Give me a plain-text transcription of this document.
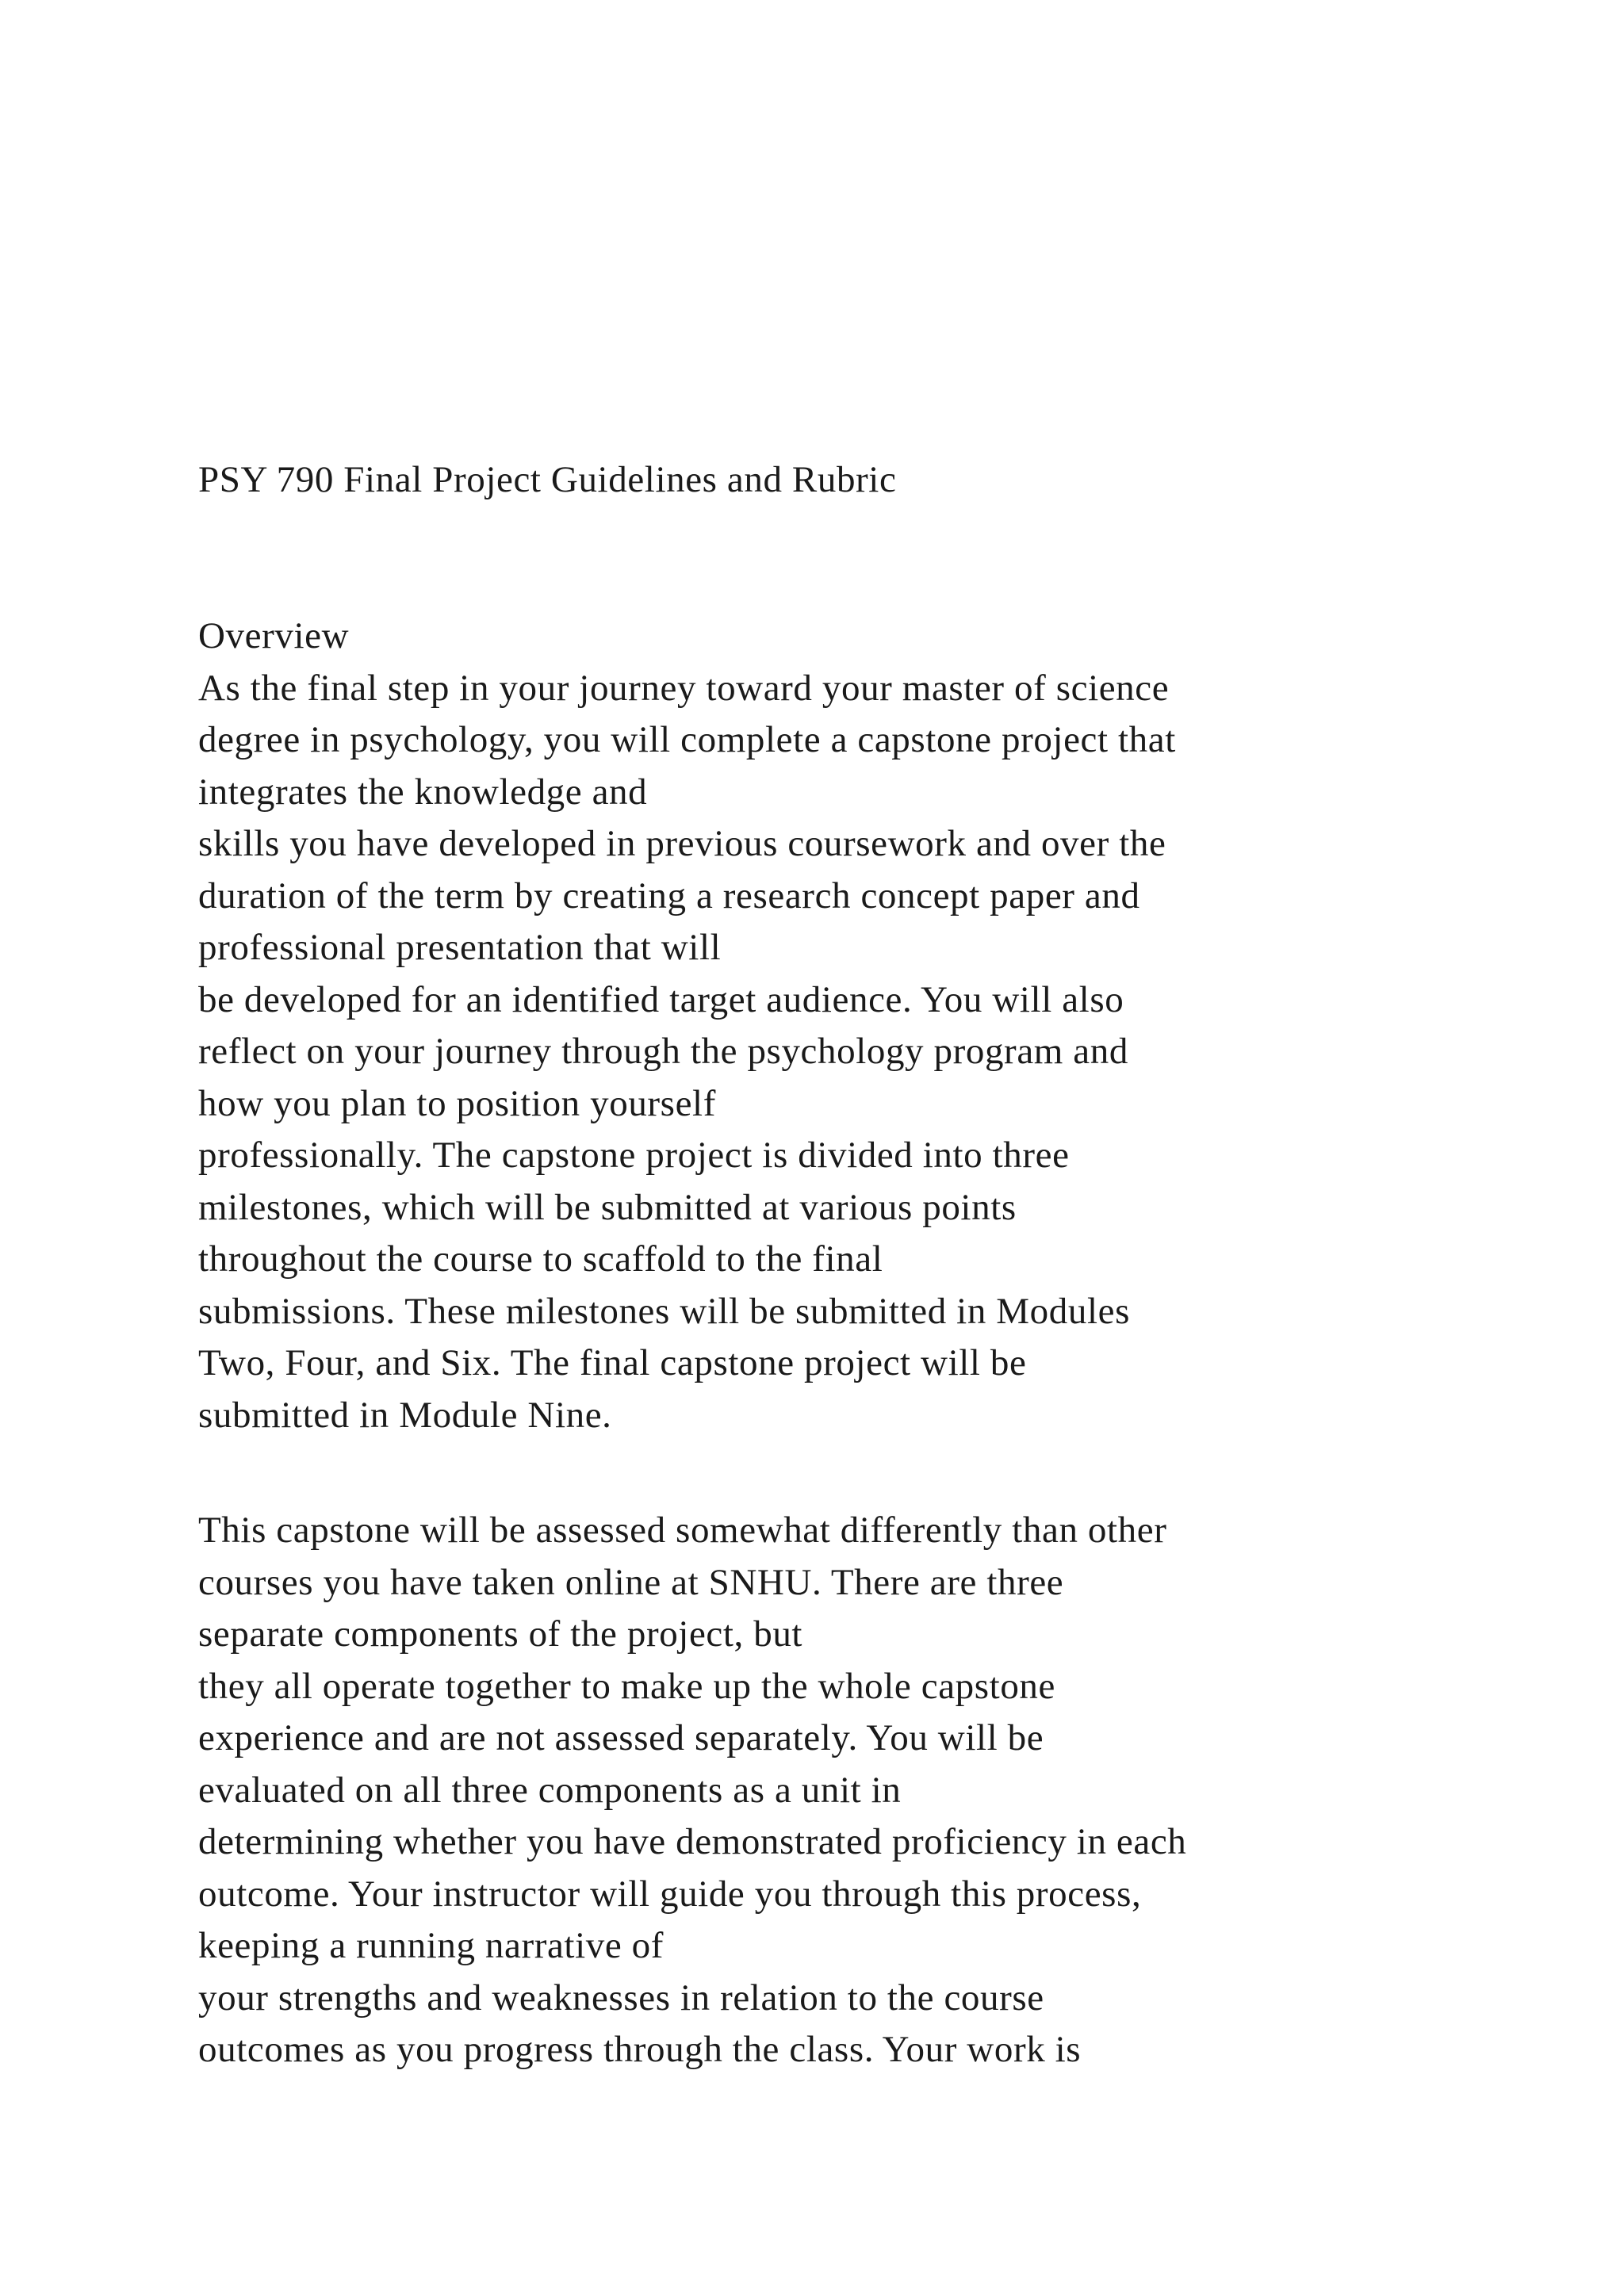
PSY 790 Final Project Guidelines and Rubric
Overview
As the final step in your journey toward your master of science
degree in psychology, you will complete a capstone project that
integrates the knowledge and
skills you have developed in previous coursework and over the
duration of the term by creating a research concept paper and
professional presentation that will
be developed for an identified target audience. You will also
reflect on your journey through the psychology program and
how you plan to position yourself
professionally. The capstone project is divided into three
milestones, which will be submitted at various points
throughout the course to scaffold to the final
submissions. These milestones will be submitted in Modules
Two, Four, and Six. The final capstone project will be
submitted in Module Nine.
This capstone will be assessed somewhat differently than other
courses you have taken online at SNHU. There are three
separate components of the project, but
they all operate together to make up the whole capstone
experience and are not assessed separately. You will be
evaluated on all three components as a unit in
determining whether you have demonstrated proficiency in each
outcome. Your instructor will guide you through this process,
keeping a running narrative of
your strengths and weaknesses in relation to the course
outcomes as you progress through the class. Your work is
